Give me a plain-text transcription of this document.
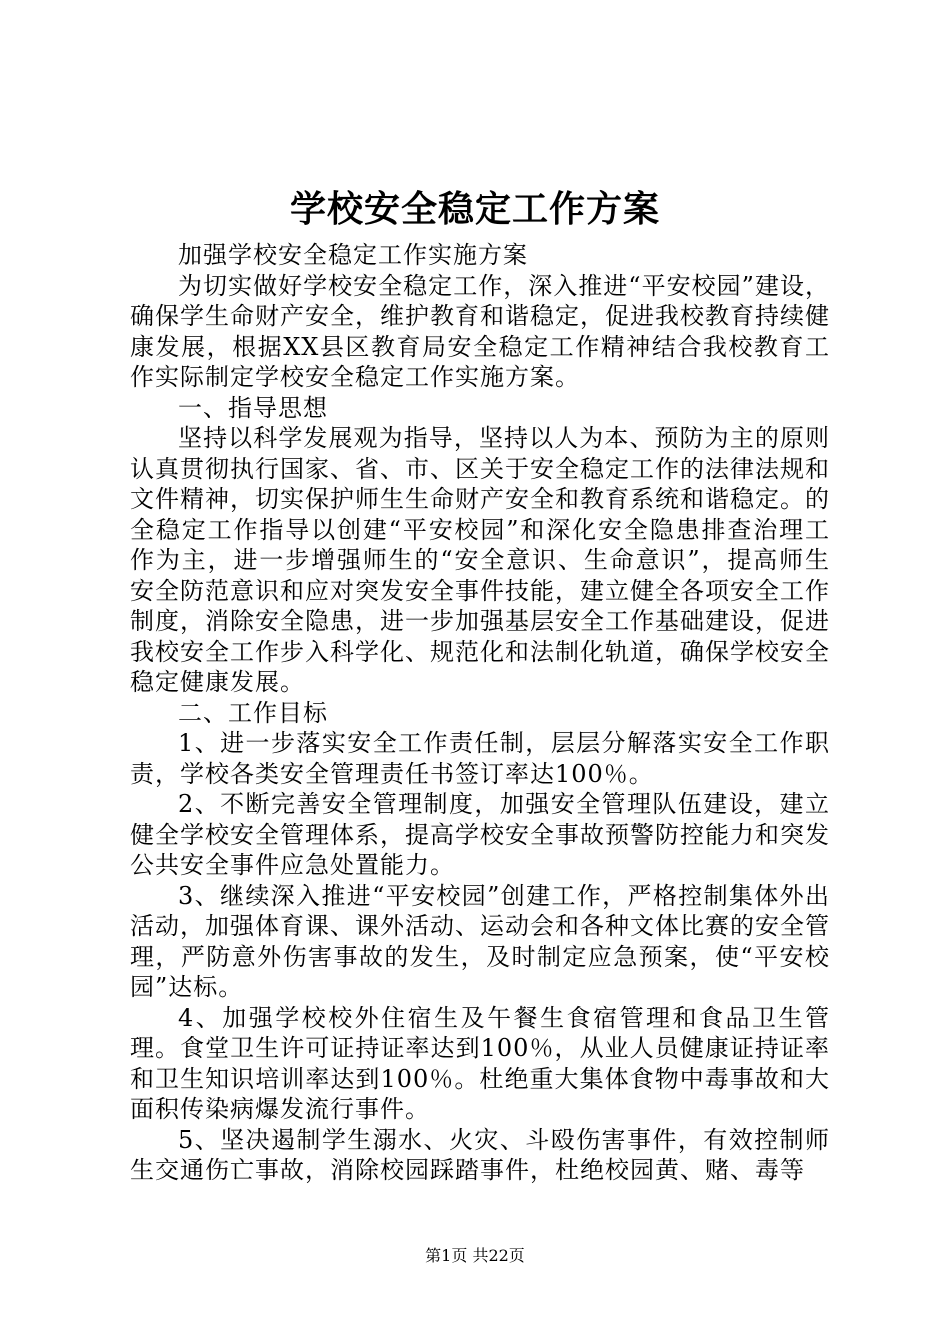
学校安全稳定工作方案

加强学校安全稳定工作实施方案

为切实做好学校安全稳定工作，深入推进“平安校园”建设，确保学生命财产安全，维护教育和谐稳定，促进我校教育持续健康发展，根据XX县区教育局安全稳定工作精神结合我校教育工作实际制定学校安全稳定工作实施方案。

一、指导思想

坚持以科学发展观为指导，坚持以人为本、预防为主的原则认真贯彻执行国家、省、市、区关于安全稳定工作的法律法规和文件精神，切实保护师生生命财产安全和教育系统和谐稳定。的全稳定工作指导以创建“平安校园”和深化安全隐患排查治理工作为主，进一步增强师生的“安全意识、生命意识”，提高师生安全防范意识和应对突发安全事件技能，建立健全各项安全工作制度，消除安全隐患，进一步加强基层安全工作基础建设，促进我校安全工作步入科学化、规范化和法制化轨道，确保学校安全稳定健康发展。

二、工作目标

1、进一步落实安全工作责任制，层层分解落实安全工作职责，学校各类安全管理责任书签订率达100％。

2、不断完善安全管理制度，加强安全管理队伍建设，建立健全学校安全管理体系，提高学校安全事故预警防控能力和突发公共安全事件应急处置能力。

3、继续深入推进“平安校园”创建工作，严格控制集体外出活动，加强体育课、课外活动、运动会和各种文体比赛的安全管理，严防意外伤害事故的发生，及时制定应急预案，使“平安校园”达标。

4、加强学校校外住宿生及午餐生食宿管理和食品卫生管理。食堂卫生许可证持证率达到100％，从业人员健康证持证率和卫生知识培训率达到100％。杜绝重大集体食物中毒事故和大面积传染病爆发流行事件。

5、坚决遏制学生溺水、火灾、斗殴伤害事件，有效控制师生交通伤亡事故，消除校园踩踏事件，杜绝校园黄、赌、毒等

第1页 共22页
